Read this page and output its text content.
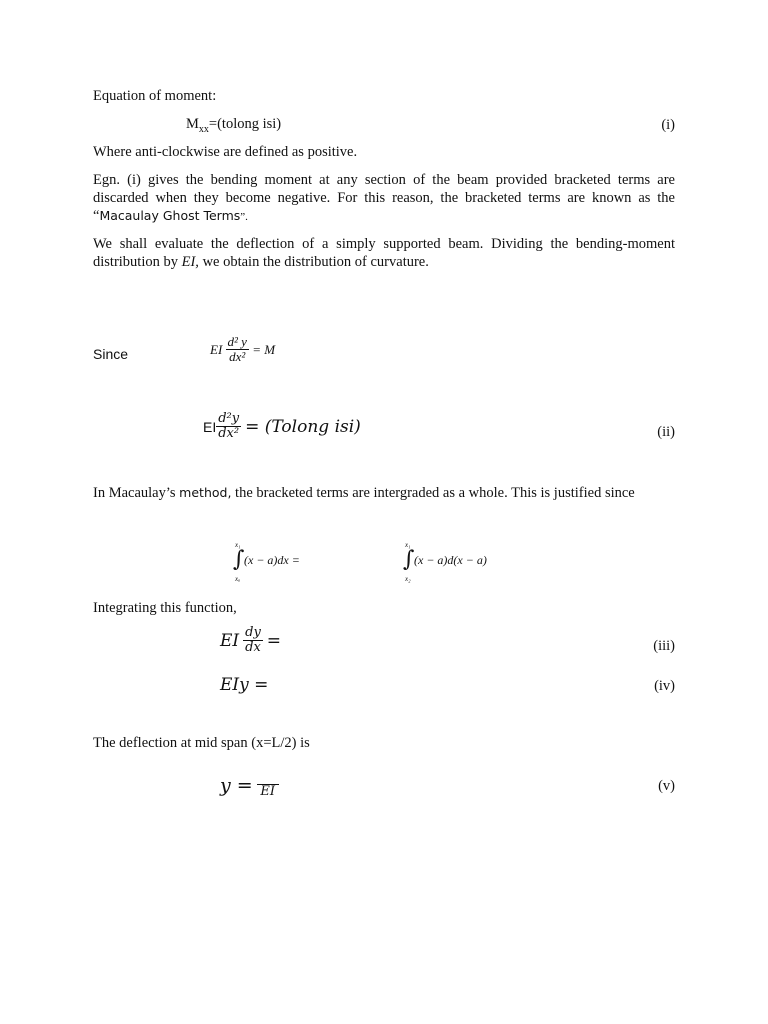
Equation of moment:
$M_{xx}=(tolong$ isi)	(i)
Where anti-clockwise are defined as positive.
Egn. (i) gives the bending moment at any section of the beam provided bracketed terms are discarded when they become negative. For this reason, the bracketed terms are known as the “Macaulay Ghost Terms”.
We shall evaluate the deflection of a simply supported beam. Dividing the bending-moment distribution by EI, we obtain the distribution of curvature.
Since	EI $\frac{\text{d² y}}{\text{dx²}} = M$
EI $\frac{\text{d²y}}{\text{dx²}}$ = (Tolong isi)	(ii)
In Macaulay’s method, the bracketed terms are intergraded as a whole. This is justified since
x₁
∫ (x − a)dx =
xₐ
x₁
∫ (x − a)d(x − a)
x₂
Integrating this function,
EI $\frac{dy}{dx}$ =	(iii)
EIy =	(iv)
The deflection at mid span (x=L/2) is
y = EI	(v)
